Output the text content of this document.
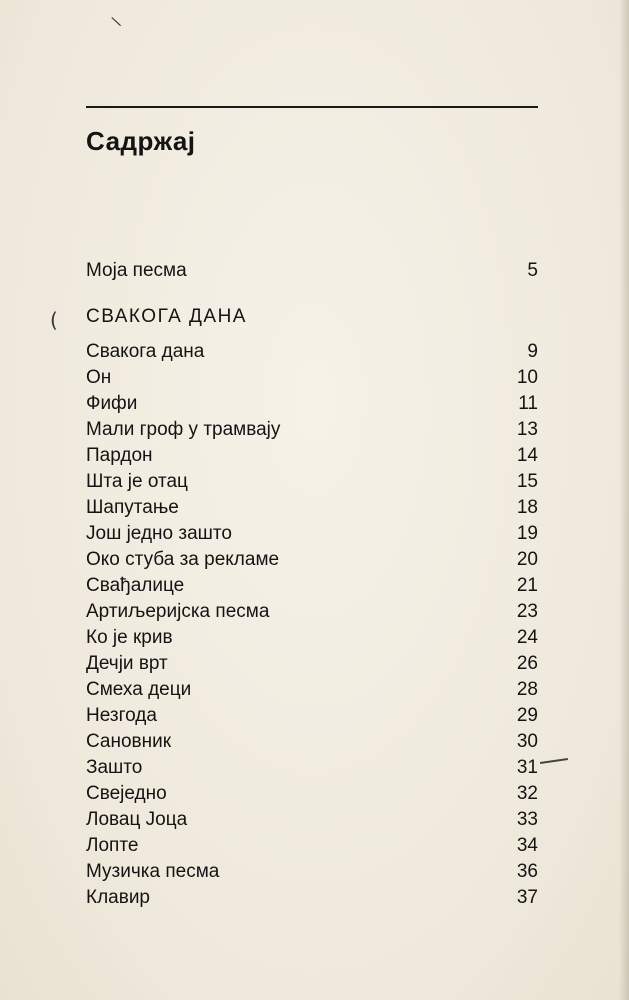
\
Садржај
(
Моја песма	5
СВАКОГА ДАНА
Свакога дана	9
Он	10
Фифи	11
Мали гроф у трамвају	13
Пардон	14
Шта је отац	15
Шапутање	18
Још једно зашто	19
Око стуба за рекламе	20
Свађалице	21
Артиљеријска песма	23
Ко је крив	24
Дечји врт	26
Смеха деци	28
Незгода	29
Сановник	30
Зашто	31
Свеједно	32
Ловац Јоца	33
Лопте	34
Музичка песма	36
Клавир	37
